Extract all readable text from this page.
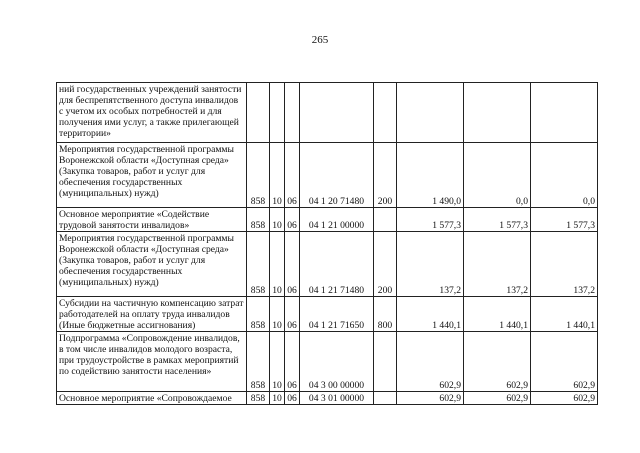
265
ний государственных учреждений занятости для беспрепятственного доступа инвалидов с учетом их особых потребностей и для получения ими услуг, а также прилегающей территории»								
Мероприятия государственной программы Воронежской области «Доступная среда» (Закупка товаров, работ и услуг для обеспечения государственных (муниципальных) нужд)	858	10	06	04 1 20 71480	200	1 490,0	0,0	0,0
Основное мероприятие «Содействие трудовой занятости инвалидов»	858	10	06	04 1 21 00000		1 577,3	1 577,3	1 577,3
Мероприятия государственной программы Воронежской области «Доступная среда» (Закупка товаров, работ и услуг для обеспечения государственных (муниципальных) нужд)	858	10	06	04 1 21 71480	200	137,2	137,2	137,2
Субсидии на частичную компенсацию затрат работодателей на оплату труда инвалидов (Иные бюджетные ассигнования)	858	10	06	04 1 21 71650	800	1 440,1	1 440,1	1 440,1
Подпрограмма «Сопровождение инвалидов, в том числе инвалидов молодого возраста, при трудоустройстве в рамках мероприятий по содействию занятости населения»	858	10	06	04 3 00 00000		602,9	602,9	602,9
Основное мероприятие «Сопровождаемое	858	10	06	04 3 01 00000		602,9	602,9	602,9
